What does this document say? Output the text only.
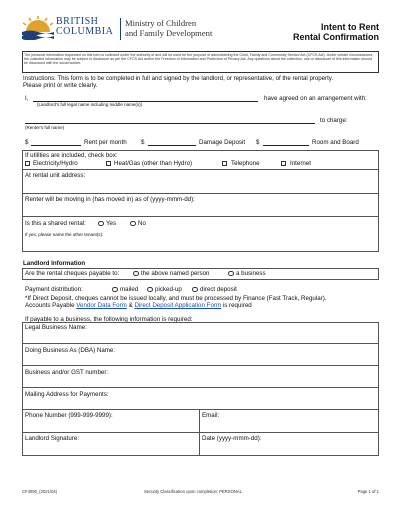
BRITISH
COLUMBIA
Ministry of Children
and Family Development
Intent to Rent
Rental Confirmation
The personal information requested on this form is collected under the authority of and will be used for the purpose of administering the Child, Family and Community Service Act (CFCS Act). Under certain circumstances, the collected information may be subject to disclosure as per the CFCS Act and/or the Freedom of Information and Protection of Privacy Act. Any questions about the collection, use or disclosure of this information should be discussed with the social worker.
Instructions: This form is to be completed in full and signed by the landlord, or representative, of the rental property.
Please print or write clearly.
I,	have agreed on an arrangement with:
(Landlord's full legal name including middle name(s))
to charge:
(Renter's full name)
$	Rent per month $	Damage Deposit $	Room and Board
If utilities are included, check box:
Electricity/Hydro	Heat/Gas (other than Hydro)	Telephone	Internet
At rental unit address:
Renter will be moving in (has moved in) as of (yyyy-mmm-dd):
Is this a shared rental:	Yes	No
If yes, please name the other tenant(s):
Landlord Information
Are the rental cheques payable to:	the above named person	a business
Payment distribution:	mailed	picked-up	direct deposit
*If Direct Deposit, cheques cannot be issued locally, and must be processed by Finance (Fast Track, Regular).
Accounts Payable Vendor Data Form & Direct Deposit Application Form is required
If payable to a business, the following information is required:
Legal Business Name:
Doing Business As (DBA) Name:
Business and/or GST number:
Mailing Address for Payments:
Phone Number (999-999-9999):	Email:
Landlord Signature:	Date (yyyy-mmm-dd):
CF4090_(2021/04)	Security Classification upon completion: PERSONAL	Page 1 of 1
